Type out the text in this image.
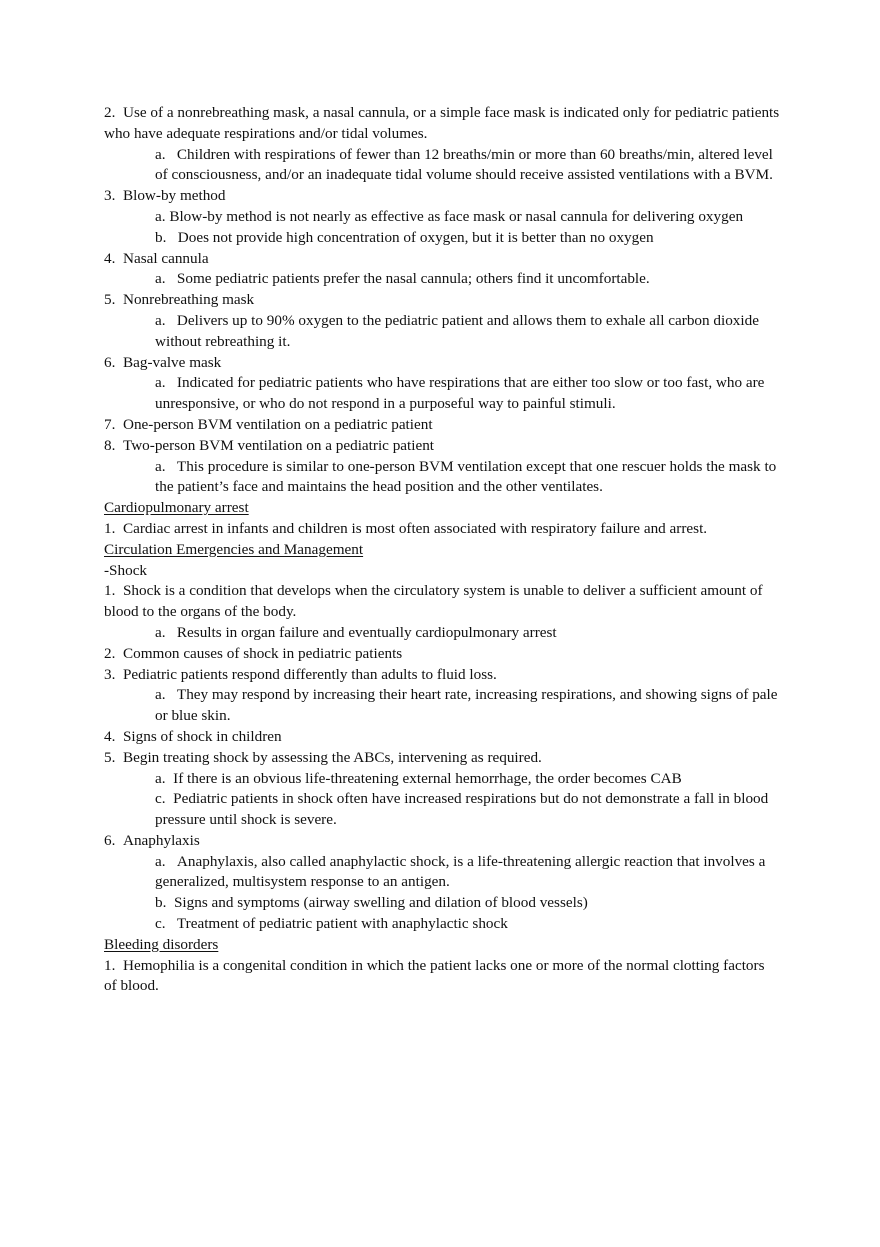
2.  Use of a nonrebreathing mask, a nasal cannula, or a simple face mask is indicated only for pediatric patients who have adequate respirations and/or tidal volumes.

a.   Children with respirations of fewer than 12 breaths/min or more than 60 breaths/min, altered level of consciousness, and/or an inadequate tidal volume should receive assisted ventilations with a BVM.

3.  Blow-by method

a. Blow-by method is not nearly as effective as face mask or nasal cannula for delivering oxygen

b.   Does not provide high concentration of oxygen, but it is better than no oxygen

4.  Nasal cannula

a.   Some pediatric patients prefer the nasal cannula; others find it uncomfortable.

5.  Nonrebreathing mask

a.   Delivers up to 90% oxygen to the pediatric patient and allows them to exhale all carbon dioxide without rebreathing it.

6.  Bag-valve mask

a.   Indicated for pediatric patients who have respirations that are either too slow or too fast, who are unresponsive, or who do not respond in a purposeful way to painful stimuli.

7.  One-person BVM ventilation on a pediatric patient

8.  Two-person BVM ventilation on a pediatric patient

a.   This procedure is similar to one-person BVM ventilation except that one rescuer holds the mask to the patient’s face and maintains the head position and the other ventilates.

Cardiopulmonary arrest

1.  Cardiac arrest in infants and children is most often associated with respiratory failure and arrest.

Circulation Emergencies and Management

-Shock

1.  Shock is a condition that develops when the circulatory system is unable to deliver a sufficient amount of blood to the organs of the body.

a.   Results in organ failure and eventually cardiopulmonary arrest

2.  Common causes of shock in pediatric patients

3.  Pediatric patients respond differently than adults to fluid loss.

a.   They may respond by increasing their heart rate, increasing respirations, and showing signs of pale or blue skin.

4.  Signs of shock in children

5.  Begin treating shock by assessing the ABCs, intervening as required.

a.  If there is an obvious life-threatening external hemorrhage, the order becomes CAB

c.  Pediatric patients in shock often have increased respirations but do not demonstrate a fall in blood pressure until shock is severe.

6.  Anaphylaxis

a.   Anaphylaxis, also called anaphylactic shock, is a life-threatening allergic reaction that involves a generalized, multisystem response to an antigen.

b.  Signs and symptoms (airway swelling and dilation of blood vessels)

c.   Treatment of pediatric patient with anaphylactic shock

Bleeding disorders

1.  Hemophilia is a congenital condition in which the patient lacks one or more of the normal clotting factors of blood.
